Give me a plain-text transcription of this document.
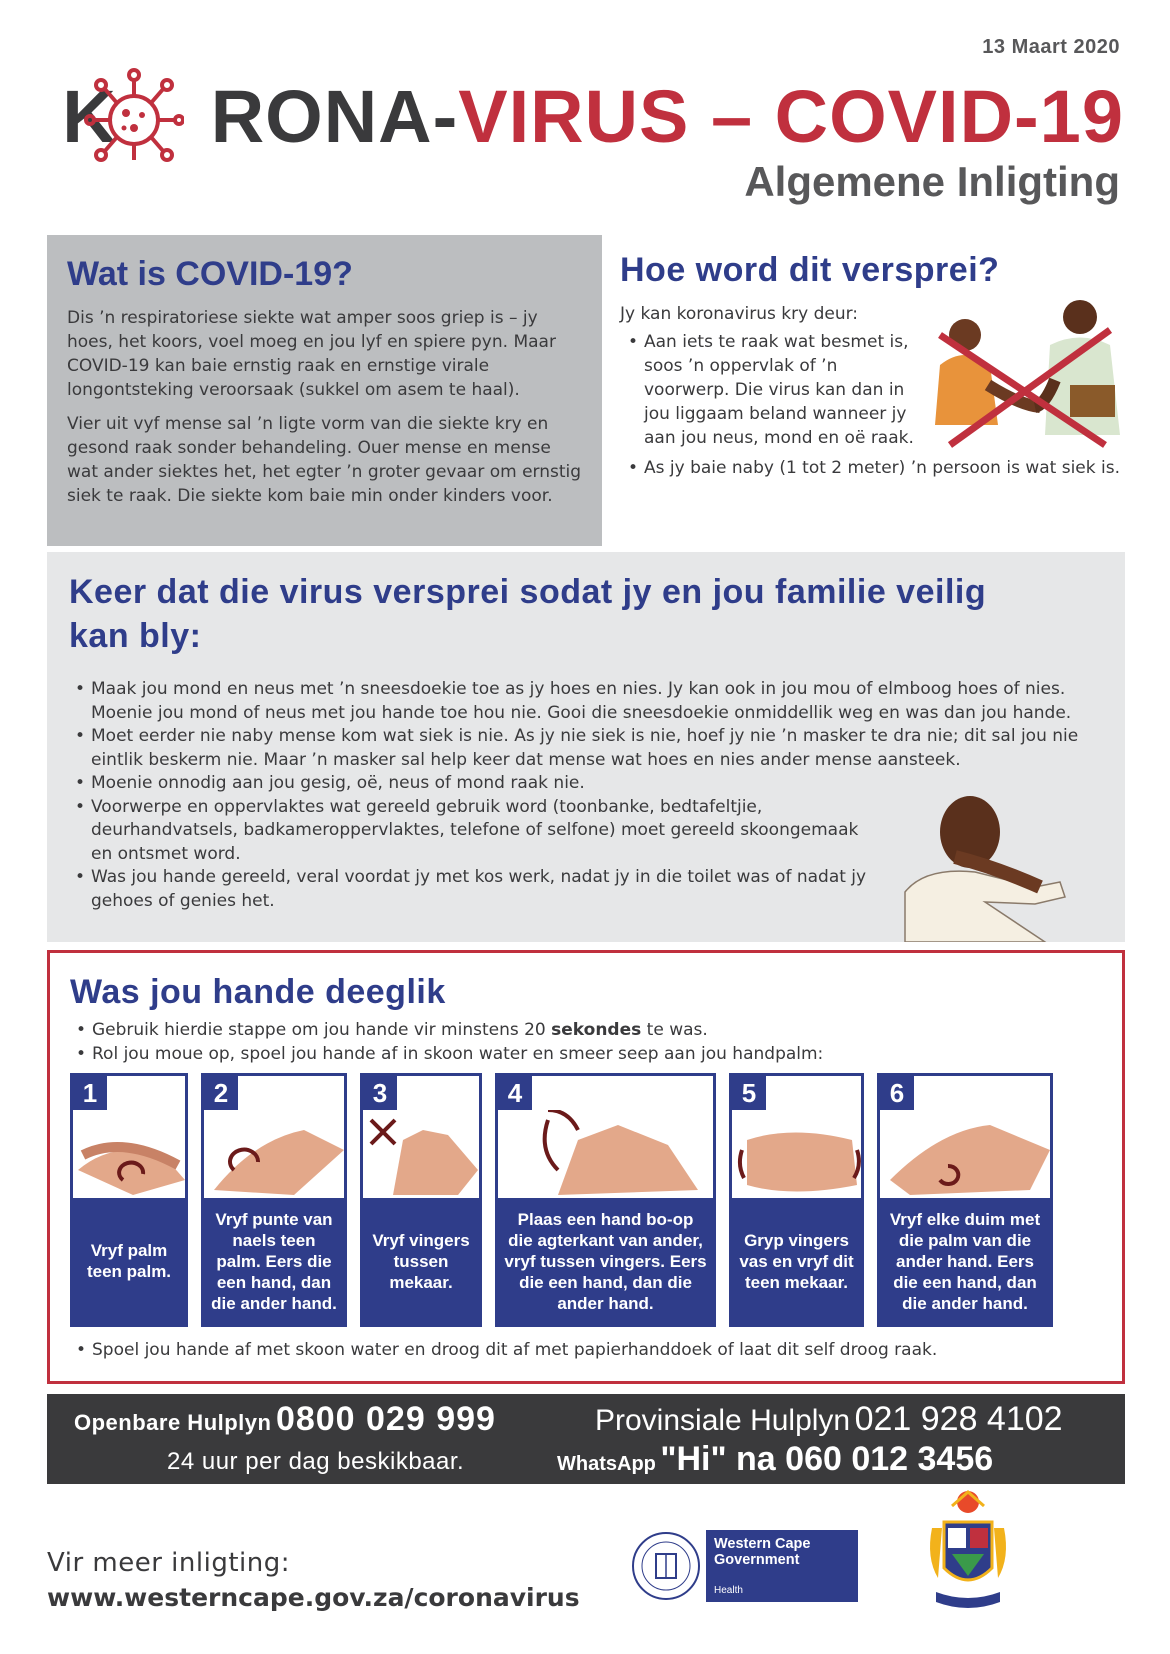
13 Maart 2020
K RONA-VIRUS – COVID-19
Algemene Inligting
Wat is COVID-19?

Dis ’n respiratoriese siekte wat amper soos griep is – jy hoes, het koors, voel moeg en jou lyf en spiere pyn. Maar COVID-19 kan baie ernstig raak en ernstige virale longontsteking veroorsaak (sukkel om asem te haal).

Vier uit vyf mense sal ’n ligte vorm van die siekte kry en gesond raak sonder behandeling. Ouer mense en mense wat ander siektes het, het egter ’n groter gevaar om ernstig siek te raak. Die siekte kom baie min onder kinders voor.

Hoe word dit versprei?
Jy kan koronavirus kry deur:
• Aan iets te raak wat besmet is, soos ’n oppervlak of ’n voorwerp. Die virus kan dan in jou liggaam beland wanneer jy aan jou neus, mond en oë raak.
• As jy baie naby (1 tot 2 meter) ’n persoon is wat siek is.
Keer dat die virus versprei sodat jy en jou familie veilig kan bly:
• Maak jou mond en neus met ’n sneesdoekie toe as jy hoes en nies. Jy kan ook in jou mou of elmboog hoes of nies. Moenie jou mond of neus met jou hande toe hou nie. Gooi die sneesdoekie onmiddellik weg en was dan jou hande.
• Moet eerder nie naby mense kom wat siek is nie. As jy nie siek is nie, hoef jy nie ’n masker te dra nie; dit sal jou nie eintlik beskerm nie. Maar ’n masker sal help keer dat mense wat hoes en nies ander mense aansteek.
• Moenie onnodig aan jou gesig, oë, neus of mond raak nie.
• Voorwerpe en oppervlaktes wat gereeld gebruik word (toonbanke, bedtafeltjie, deurhandvatsels, badkameroppervlaktes, telefone of selfone) moet gereeld skoongemaak en ontsmet word.
• Was jou hande gereeld, veral voordat jy met kos werk, nadat jy in die toilet was of nadat jy gehoes of genies het.
Was jou hande deeglik
• Gebruik hierdie stappe om jou hande vir minstens 20 sekondes te was.
• Rol jou moue op, spoel jou hande af in skoon water en smeer seep aan jou handpalm:
1
Vryf palm teen palm.
2
Vryf punte van naels teen palm. Eers die een hand, dan die ander hand.
3
Vryf vingers tussen mekaar.
4
Plaas een hand bo-op die agterkant van ander, vryf tussen vingers. Eers die een hand, dan die ander hand.
5
Gryp vingers vas en vryf dit teen mekaar.
6
Vryf elke duim met die palm van die ander hand. Eers die een hand, dan die ander hand.
• Spoel jou hande af met skoon water en droog dit af met papierhanddoek of laat dit self droog raak.
Openbare Hulplyn 0800 029 999	Provinsiale Hulplyn 021 928 4102
24 uur per dag beskikbaar.	WhatsApp "Hi" na 060 012 3456
Vir meer inligting:
www.westerncape.gov.za/coronavirus
Western Cape Government
Health
